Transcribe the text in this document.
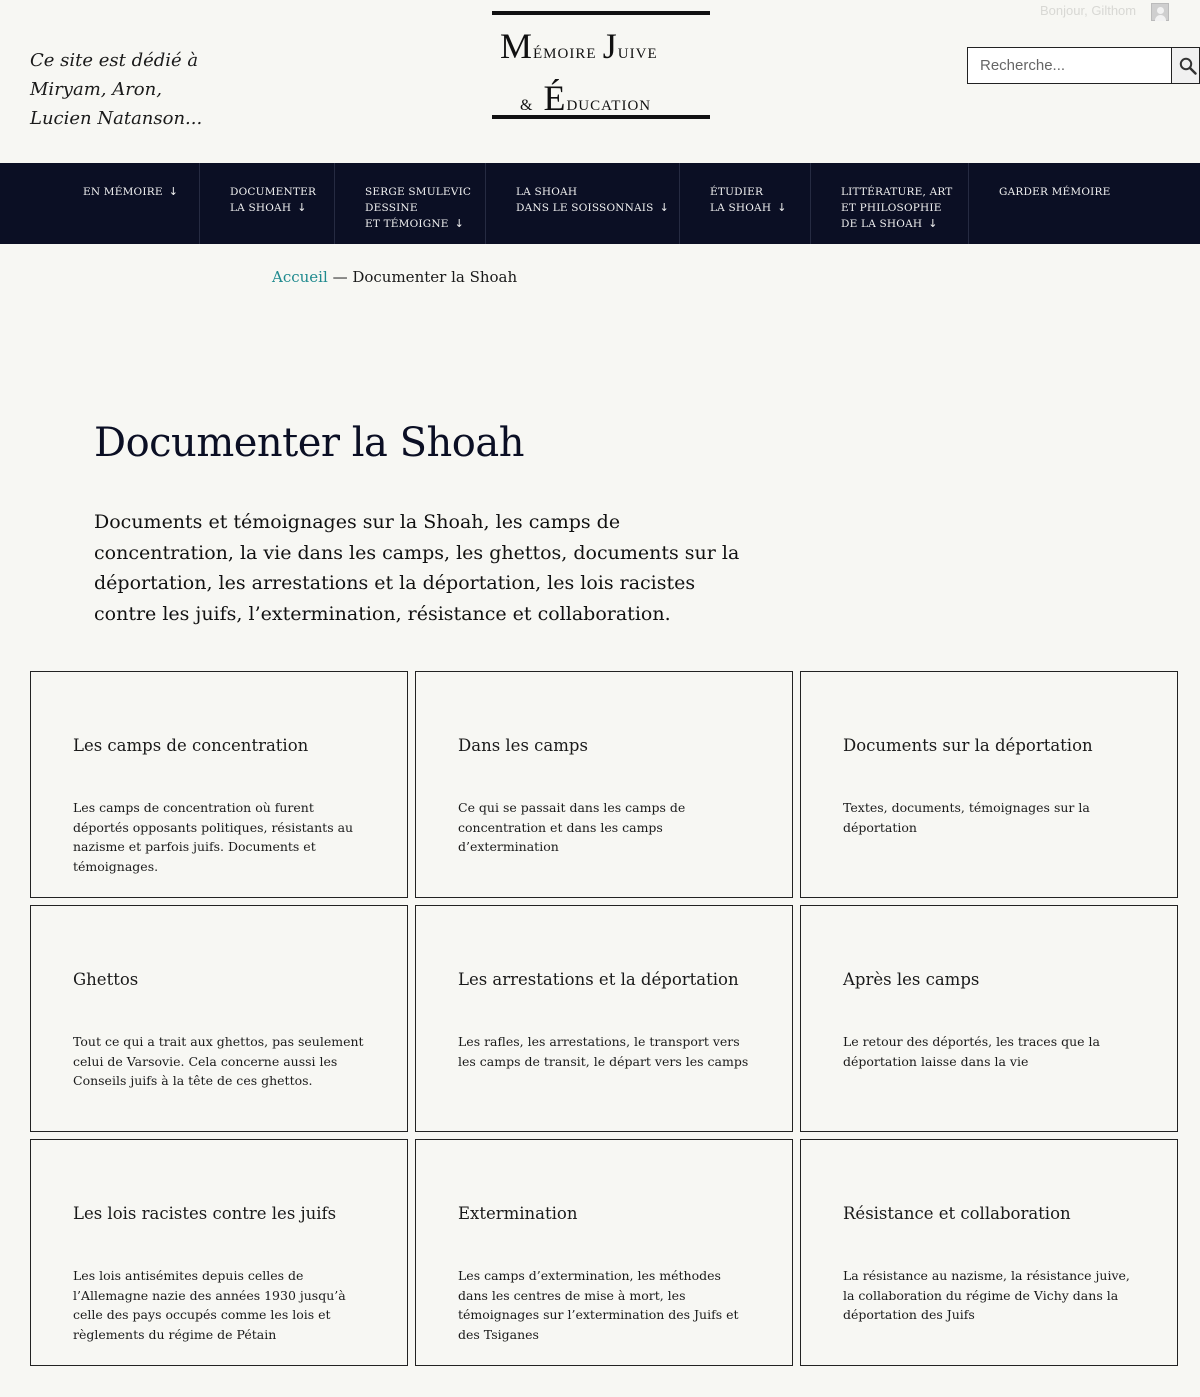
Ce site est dédié à
Miryam, Aron,
Lucien Natanson...
Mémoire Juive
& Éducation
Bonjour, Gilthom
Recherche...
EN MÉMOIRE ↓	DOCUMENTER
LA SHOAH ↓
SERGE SMULEVIC
DESSINE
ET TÉMOIGNE ↓
LA SHOAH
DANS LE SOISSONNAIS ↓
ÉTUDIER
LA SHOAH ↓
LITTÉRATURE, ART
ET PHILOSOPHIE
DE LA SHOAH ↓
GARDER MÉMOIRE
Accueil — Documenter la Shoah
Documenter la Shoah

Documents et témoignages sur la Shoah, les camps de concentration, la vie dans les camps, les ghettos, documents sur la déportation, les arrestations et la déportation, les lois racistes contre les juifs, l’extermination, résistance et collaboration.

Les camps de concentration
Les camps de concentration où furent déportés opposants politiques, résistants au nazisme et parfois juifs. Documents et témoignages.
Dans les camps
Ce qui se passait dans les camps de concentration et dans les camps d’extermination
Documents sur la déportation
Textes, documents, témoignages sur la déportation
Ghettos
Tout ce qui a trait aux ghettos, pas seulement celui de Varsovie. Cela concerne aussi les Conseils juifs à la tête de ces ghettos.
Les arrestations et la déportation
Les rafles, les arrestations, le transport vers les camps de transit, le départ vers les camps
Après les camps
Le retour des déportés, les traces que la déportation laisse dans la vie
Les lois racistes contre les juifs
Les lois antisémites depuis celles de l’Allemagne nazie des années 1930 jusqu’à celle des pays occupés comme les lois et règlements du régime de Pétain
Extermination
Les camps d’extermination, les méthodes dans les centres de mise à mort, les témoignages sur l’extermination des Juifs et des Tsiganes
Résistance et collaboration
La résistance au nazisme, la résistance juive, la collaboration du régime de Vichy dans la déportation des Juifs
